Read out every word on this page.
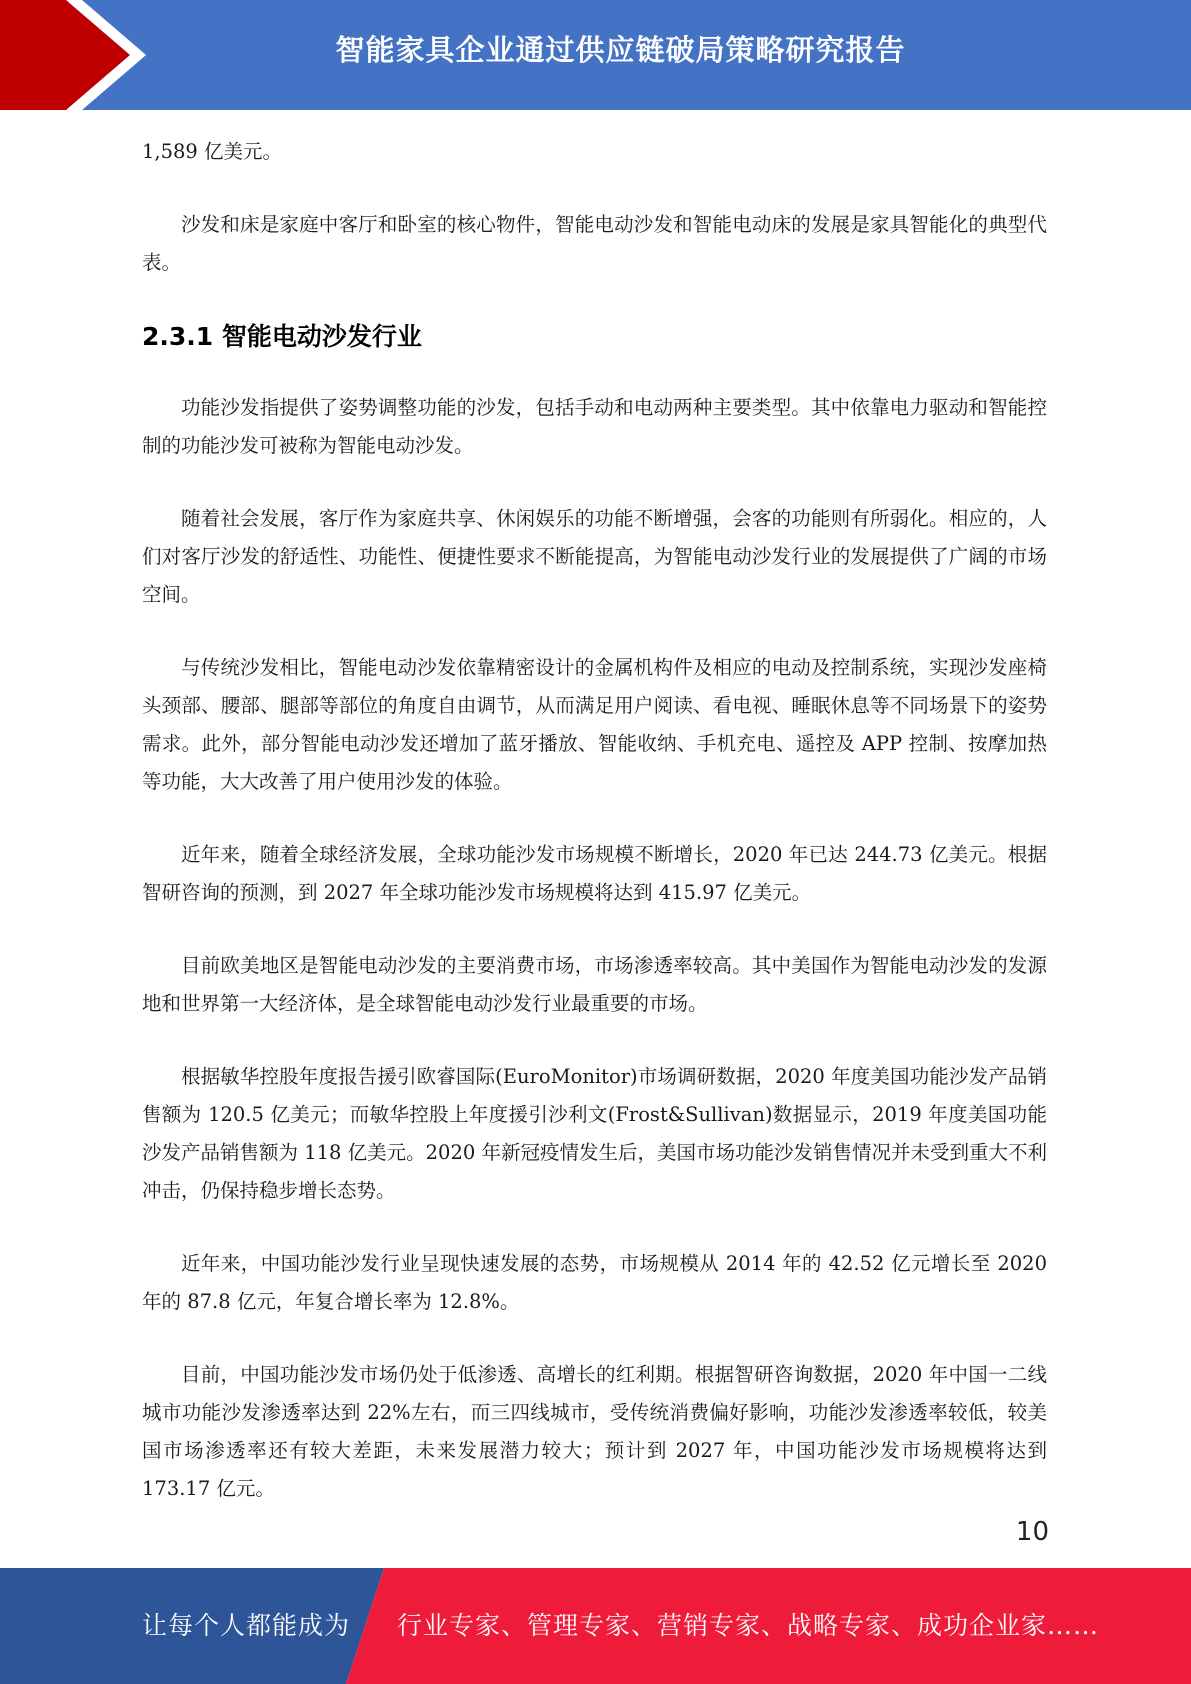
智能家具企业通过供应链破局策略研究报告

1,589 亿美元。

沙发和床是家庭中客厅和卧室的核心物件，智能电动沙发和智能电动床的发展是家具智能化的典型代表。

2.3.1 智能电动沙发行业

功能沙发指提供了姿势调整功能的沙发，包括手动和电动两种主要类型。其中依靠电力驱动和智能控制的功能沙发可被称为智能电动沙发。

随着社会发展，客厅作为家庭共享、休闲娱乐的功能不断增强，会客的功能则有所弱化。相应的，人们对客厅沙发的舒适性、功能性、便捷性要求不断能提高，为智能电动沙发行业的发展提供了广阔的市场空间。

与传统沙发相比，智能电动沙发依靠精密设计的金属机构件及相应的电动及控制系统，实现沙发座椅头颈部、腰部、腿部等部位的角度自由调节，从而满足用户阅读、看电视、睡眠休息等不同场景下的姿势需求。此外，部分智能电动沙发还增加了蓝牙播放、智能收纳、手机充电、遥控及 APP 控制、按摩加热等功能，大大改善了用户使用沙发的体验。

近年来，随着全球经济发展，全球功能沙发市场规模不断增长，2020 年已达 244.73 亿美元。根据智研咨询的预测，到 2027 年全球功能沙发市场规模将达到 415.97 亿美元。

目前欧美地区是智能电动沙发的主要消费市场，市场渗透率较高。其中美国作为智能电动沙发的发源地和世界第一大经济体，是全球智能电动沙发行业最重要的市场。

根据敏华控股年度报告援引欧睿国际(EuroMonitor)市场调研数据，2020 年度美国功能沙发产品销售额为 120.5 亿美元；而敏华控股上年度援引沙利文(Frost&Sullivan)数据显示，2019 年度美国功能沙发产品销售额为 118 亿美元。2020 年新冠疫情发生后，美国市场功能沙发销售情况并未受到重大不利冲击，仍保持稳步增长态势。

近年来，中国功能沙发行业呈现快速发展的态势，市场规模从 2014 年的 42.52 亿元增长至 2020 年的 87.8 亿元，年复合增长率为 12.8%。

目前，中国功能沙发市场仍处于低渗透、高增长的红利期。根据智研咨询数据，2020 年中国一二线城市功能沙发渗透率达到 22%左右，而三四线城市，受传统消费偏好影响，功能沙发渗透率较低，较美国市场渗透率还有较大差距，未来发展潜力较大；预计到 2027 年，中国功能沙发市场规模将达到 173.17 亿元。

10
让每个人都能成为 行业专家、管理专家、营销专家、战略专家、成功企业家……
